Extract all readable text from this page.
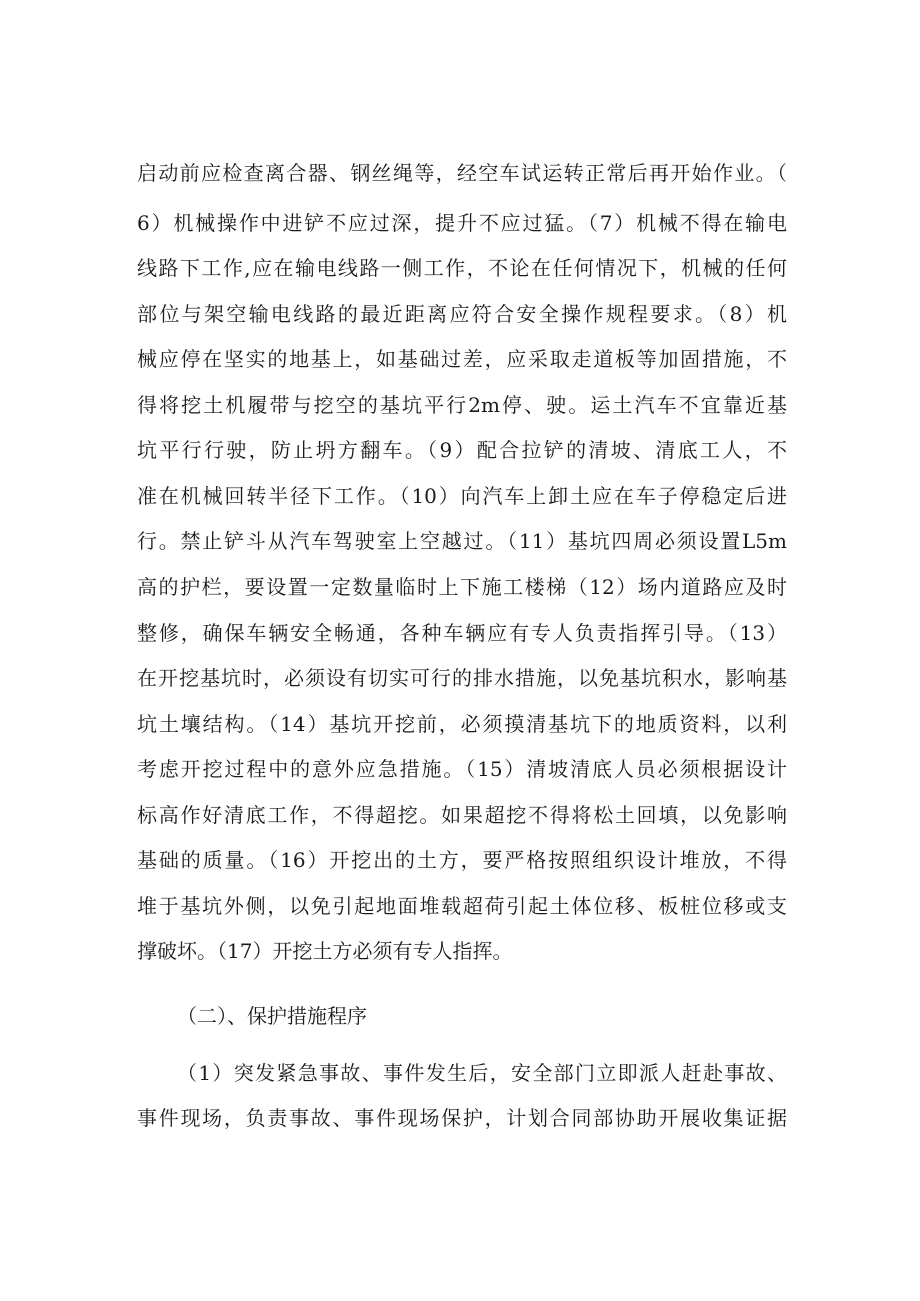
启动前应检查离合器、钢丝绳等，经空车试运转正常后再开始作业。（

6）机械操作中进铲不应过深，提升不应过猛。（7）机械不得在输电

线路下工作,应在输电线路一侧工作，不论在任何情况下，机械的任何

部位与架空输电线路的最近距离应符合安全操作规程要求。（8）机

械应停在坚实的地基上，如基础过差，应采取走道板等加固措施，不

得将挖土机履带与挖空的基坑平行2m停、驶。运土汽车不宜靠近基

坑平行行驶，防止坍方翻车。（9）配合拉铲的清坡、清底工人，不

准在机械回转半径下工作。（10）向汽车上卸土应在车子停稳定后进

行。禁止铲斗从汽车驾驶室上空越过。（11）基坑四周必须设置L5m

高的护栏，要设置一定数量临时上下施工楼梯（12）场内道路应及时

整修，确保车辆安全畅通，各种车辆应有专人负责指挥引导。（13）

在开挖基坑时，必须设有切实可行的排水措施，以免基坑积水，影响基

坑土壤结构。（14）基坑开挖前，必须摸清基坑下的地质资料，以利

考虑开挖过程中的意外应急措施。（15）清坡清底人员必须根据设计

标高作好清底工作，不得超挖。如果超挖不得将松土回填，以免影响

基础的质量。（16）开挖出的土方，要严格按照组织设计堆放，不得

堆于基坑外侧，以免引起地面堆载超荷引起土体位移、板桩位移或支

撑破坏。（17）开挖土方必须有专人指挥。

（二）、保护措施程序

（1）突发紧急事故、事件发生后，安全部门立即派人赶赴事故、

事件现场，负责事故、事件现场保护，计划合同部协助开展收集证据
